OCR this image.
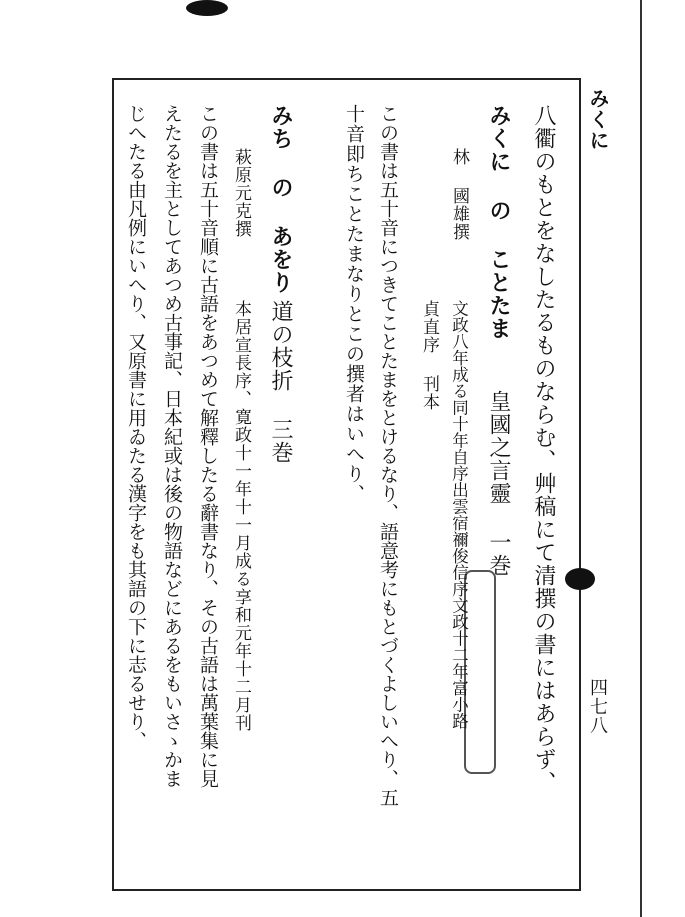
みくに
四七八
八衢のもとをなしたるものならむ、艸稿にて清撰の書にはあらず、
みくに の ことたま
皇國之言靈 一巻
林 國雄撰
文政八年成る同十年自序出雲宿禰俊信序文政十二年富小路
貞直序 刊本
この書は五十音につきてことたまをとけるなり、語意考にもとづくよしいへり、五
十音即ちことたまなりとこの撰者はいへり、
みち の あをり
道の枝折 三巻
萩原元克撰
本居宣長序、寛政十一年十一月成る享和元年十二月刊
この書は五十音順に古語をあつめて解釋したる辭書なり、その古語は萬葉集に見
えたるを主としてあつめ古事記、日本紀或は後の物語などにあるをもいさゝかま
じへたる由凡例にいへり、又原書に用ゐたる漢字をも其語の下に志るせり、
